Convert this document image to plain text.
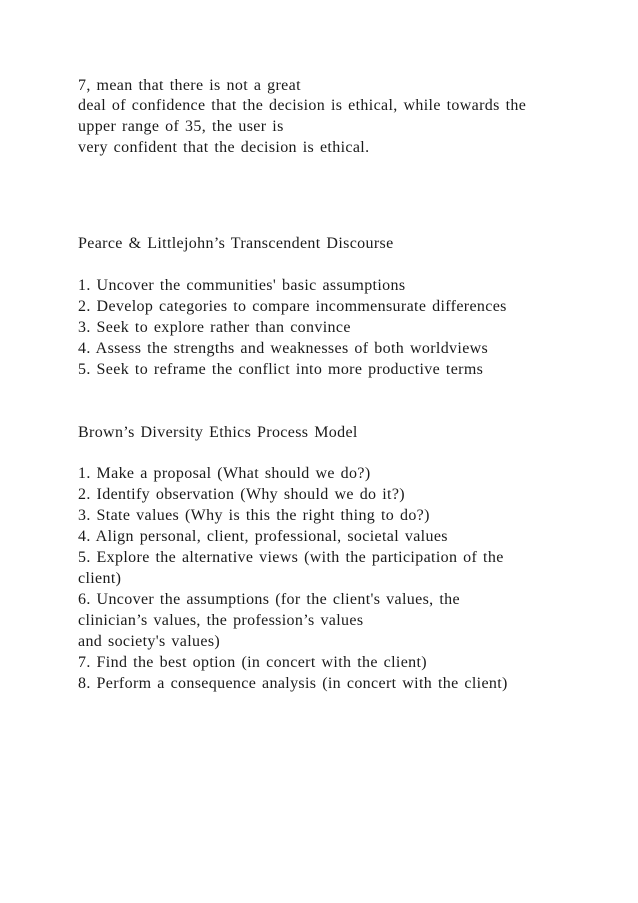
7, mean that there is not a great
deal of confidence that the decision is ethical, while towards the
upper range of 35, the user is
very confident that the decision is ethical.
Pearce & Littlejohn’s Transcendent Discourse
1. Uncover the communities' basic assumptions
2. Develop categories to compare incommensurate differences
3. Seek to explore rather than convince
4. Assess the strengths and weaknesses of both worldviews
5. Seek to reframe the conflict into more productive terms
Brown’s Diversity Ethics Process Model
1. Make a proposal (What should we do?)
2. Identify observation (Why should we do it?)
3. State values (Why is this the right thing to do?)
4. Align personal, client, professional, societal values
5. Explore the alternative views (with the participation of the
client)
6. Uncover the assumptions (for the client's values, the
clinician’s values, the profession’s values
and society's values)
7. Find the best option (in concert with the client)
8. Perform a consequence analysis (in concert with the client)
